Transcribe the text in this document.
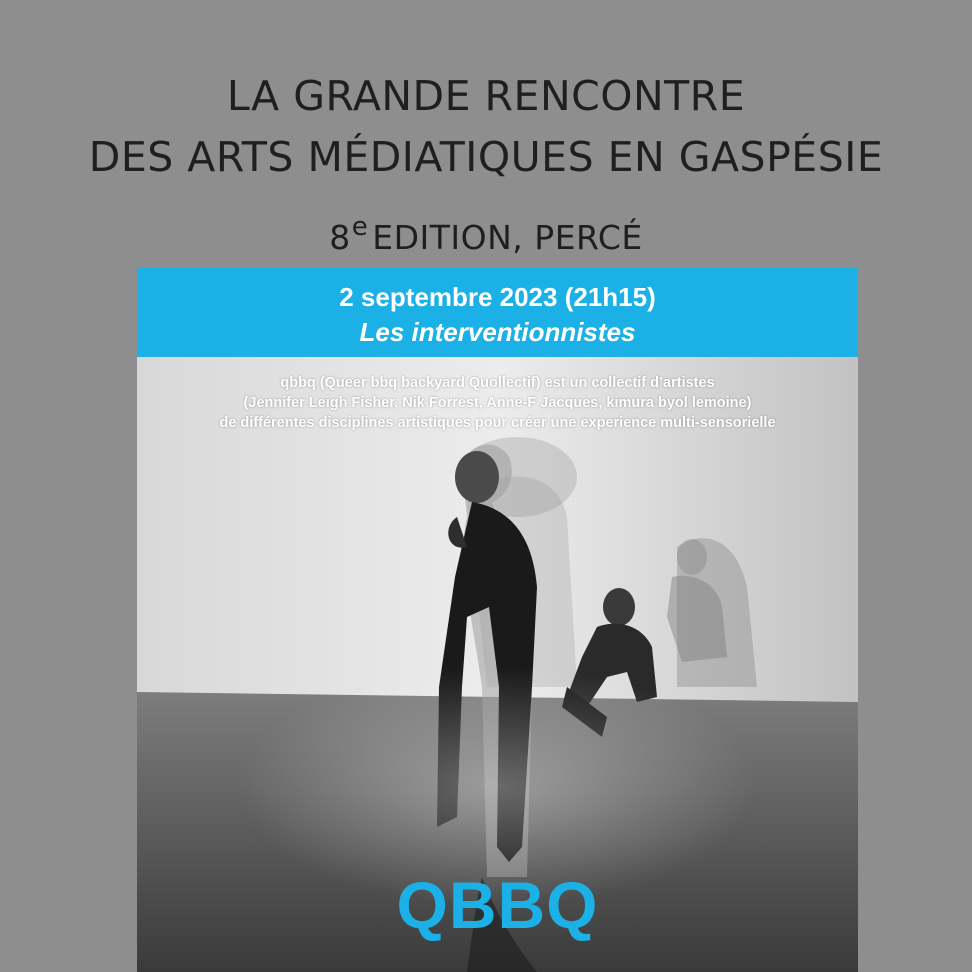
LA GRANDE RENCONTRE
DES ARTS MÉDIATIQUES EN GASPÉSIE
8e EDITION, PERCÉ
2 septembre 2023 (21h15)
Les interventionnistes
qbbq (Queer bbq backyard Quollectif) est un collectif d’artistes
(Jennifer Leigh Fisher, Nik Forrest, Anne-F Jacques, kimura byol lemoine)
de différentes disciplines artistiques pour créer une experience multi-sensorielle
QBBQ
